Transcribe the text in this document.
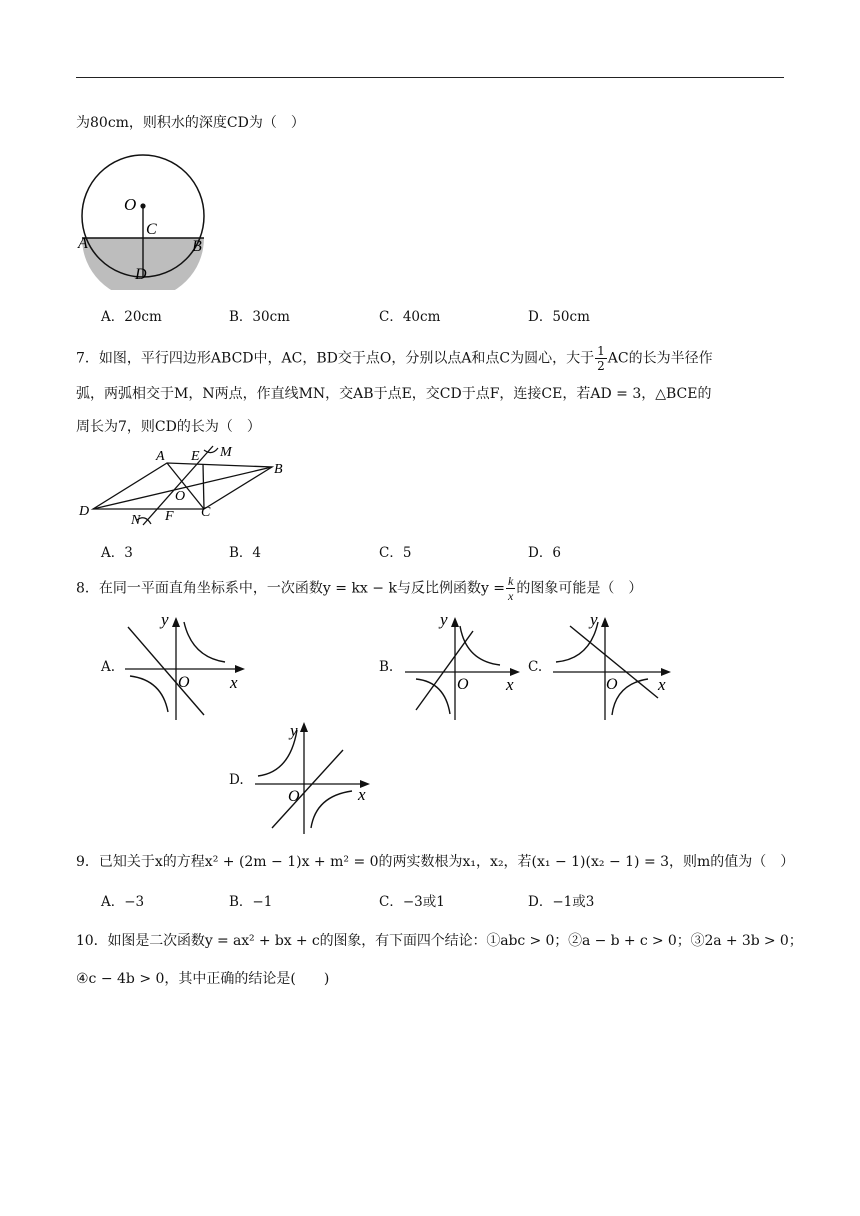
为80cm，则积水的深度CD为（　）
O
C
A	B
D
A．20cm	B．30cm	C．40cm	D．50cm
7．如图，平行四边形ABCD中，AC，BD交于点O，分别以点A和点C为圆心，大于 $\frac{1}{2}$ AC的长为半径作
弧，两弧相交于M，N两点，作直线MN，交AB于点E，交CD于点F，连接CE，若AD = 3，△BCE的
周长为7，则CD的长为（　）
A E M
B
O
D
N F C
A．3	B．4	C．5	D．6
8．在同一平面直角坐标系中，一次函数y = kx − k与反比例函数$y = \frac{k}{x}$ 的图象可能是（　）
A.
y
x
O
B.
y
x
O
C.
y
x
O
D.
y
x
O
9．已知关于x的方程x² + (2m − 1)x + m² = 0的两实数根为x₁，x₂，若(x₁ − 1)(x₂ − 1) = 3，则m的值为（　）
A．−3	B．−1	C．−3或1	D．−1或3
10．如图是二次函数y = ax² + bx + c的图象，有下面四个结论：①abc > 0；②a − b + c > 0；③2a + 3b > 0；
④c − 4b > 0，其中正确的结论是(　　)
